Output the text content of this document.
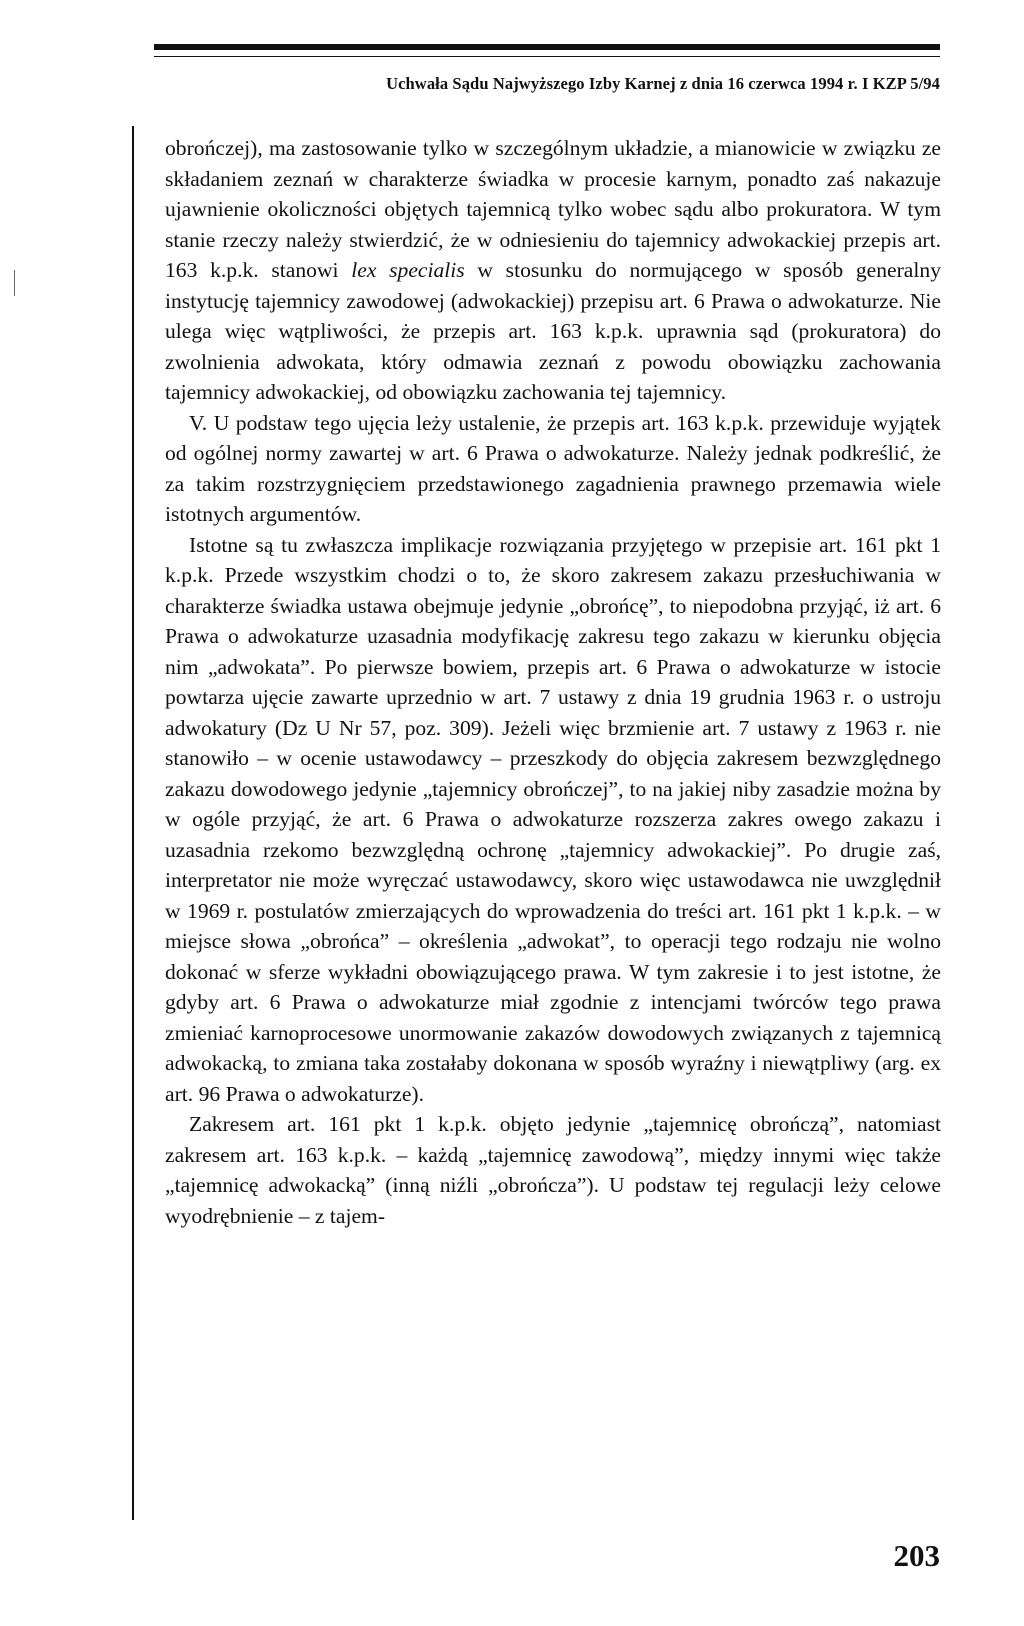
Uchwała Sądu Najwyższego Izby Karnej z dnia 16 czerwca 1994 r. I KZP 5/94

obrończej), ma zastosowanie tylko w szczególnym układzie, a mianowicie w związku ze składaniem zeznań w charakterze świadka w procesie karnym, ponadto zaś nakazuje ujawnienie okoliczności objętych tajemnicą tylko wobec sądu albo prokuratora. W tym stanie rzeczy należy stwierdzić, że w odniesieniu do tajemnicy adwokackiej przepis art. 163 k.p.k. stanowi lex specialis w stosunku do normującego w sposób generalny instytucję tajemnicy zawodowej (adwokackiej) przepisu art. 6 Prawa o adwokaturze. Nie ulega więc wątpliwości, że przepis art. 163 k.p.k. uprawnia sąd (prokuratora) do zwolnienia adwokata, który odmawia zeznań z powodu obowiązku zachowania tajemnicy adwokackiej, od obowiązku zachowania tej tajemnicy.

V. U podstaw tego ujęcia leży ustalenie, że przepis art. 163 k.p.k. przewiduje wyjątek od ogólnej normy zawartej w art. 6 Prawa o adwokaturze. Należy jednak podkreślić, że za takim rozstrzygnięciem przedstawionego zagadnienia prawnego przemawia wiele istotnych argumentów.

Istotne są tu zwłaszcza implikacje rozwiązania przyjętego w przepisie art. 161 pkt 1 k.p.k. Przede wszystkim chodzi o to, że skoro zakresem zakazu przesłuchiwania w charakterze świadka ustawa obejmuje jedynie „obrońcę”, to niepodobna przyjąć, iż art. 6 Prawa o adwokaturze uzasadnia modyfikację zakresu tego zakazu w kierunku objęcia nim „adwokata”. Po pierwsze bowiem, przepis art. 6 Prawa o adwokaturze w istocie powtarza ujęcie zawarte uprzednio w art. 7 ustawy z dnia 19 grudnia 1963 r. o ustroju adwokatury (Dz U Nr 57, poz. 309). Jeżeli więc brzmienie art. 7 ustawy z 1963 r. nie stanowiło – w ocenie ustawodawcy – przeszkody do objęcia zakresem bezwzględnego zakazu dowodowego jedynie „tajemnicy obrończej”, to na jakiej niby zasadzie można by w ogóle przyjąć, że art. 6 Prawa o adwokaturze rozszerza zakres owego zakazu i uzasadnia rzekomo bezwzględną ochronę „tajemnicy adwokackiej”. Po drugie zaś, interpretator nie może wyręczać ustawodawcy, skoro więc ustawodawca nie uwzględnił w 1969 r. postulatów zmierzających do wprowadzenia do treści art. 161 pkt 1 k.p.k. – w miejsce słowa „obrońca” – określenia „adwokat”, to operacji tego rodzaju nie wolno dokonać w sferze wykładni obowiązującego prawa. W tym zakresie i to jest istotne, że gdyby art. 6 Prawa o adwokaturze miał zgodnie z intencjami twórców tego prawa zmieniać karnoprocesowe unormowanie zakazów dowodowych związanych z tajemnicą adwokacką, to zmiana taka zostałaby dokonana w sposób wyraźny i niewątpliwy (arg. ex art. 96 Prawa o adwokaturze).

Zakresem art. 161 pkt 1 k.p.k. objęto jedynie „tajemnicę obrończą”, natomiast zakresem art. 163 k.p.k. – każdą „tajemnicę zawodową”, między innymi więc także „tajemnicę adwokacką” (inną niźli „obrończa”). U podstaw tej regulacji leży celowe wyodrębnienie – z tajem-

203
